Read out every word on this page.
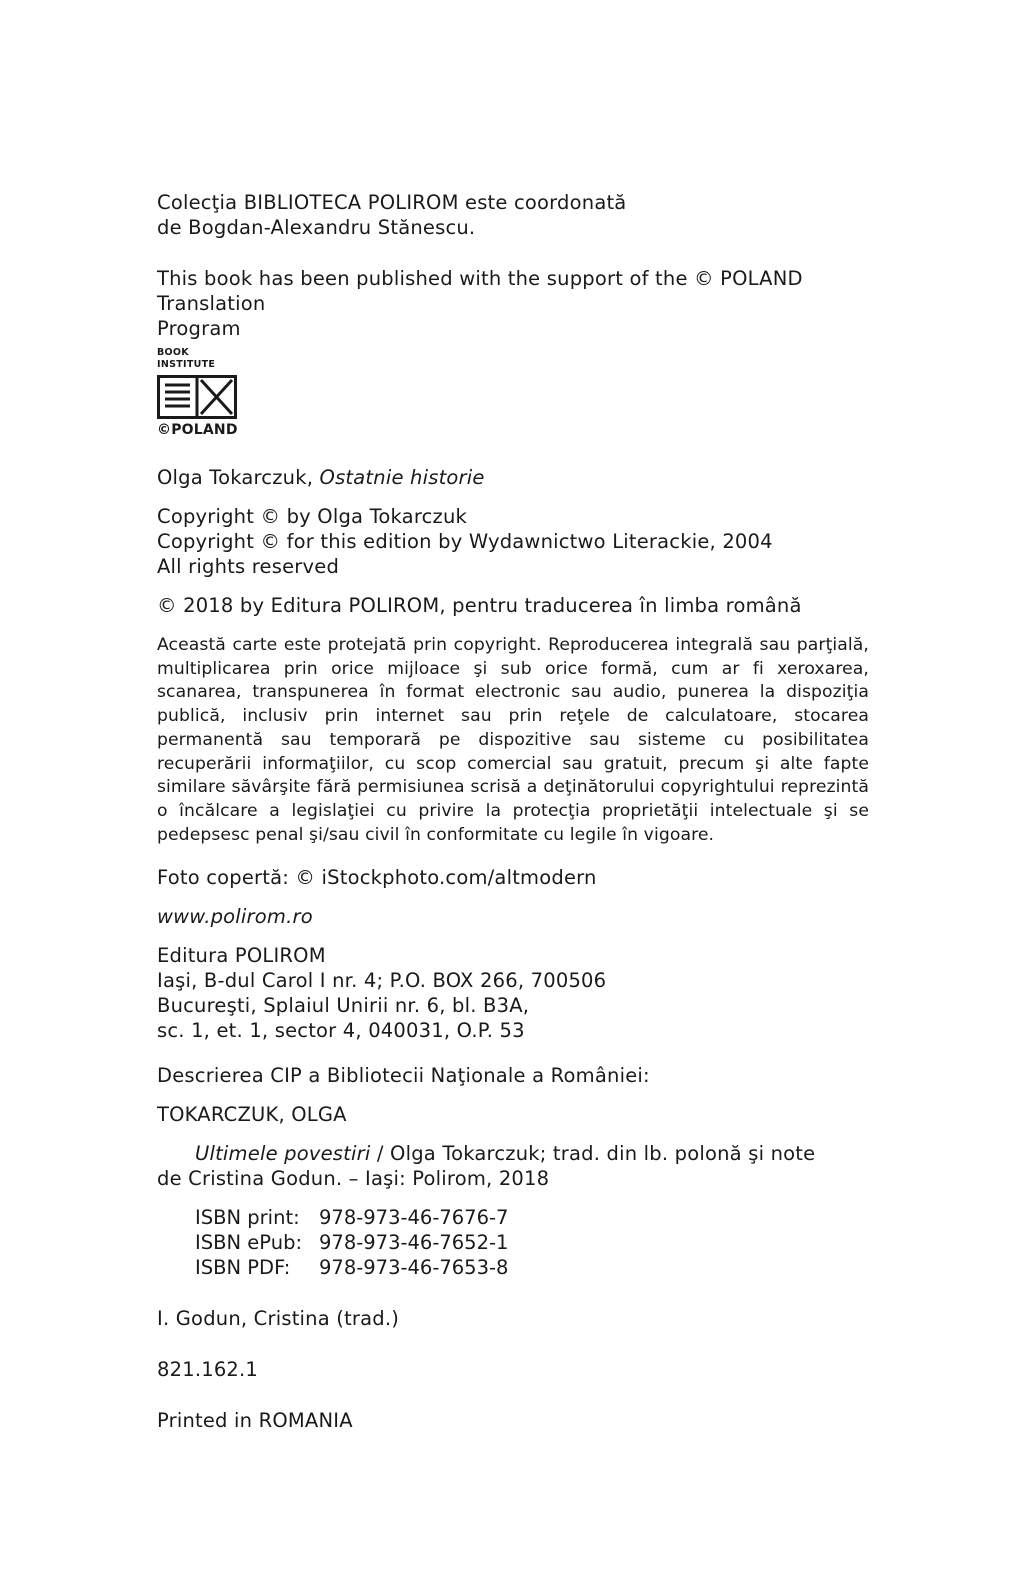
Colecţia BIBLIOTECA POLIROM este coordonată

de Bogdan-Alexandru Stănescu.

This book has been published with the support of the © POLAND Translation

Program

BOOK INSTITUTE
©POLAND

Olga Tokarczuk, Ostatnie historie

Copyright © by Olga Tokarczuk

Copyright © for this edition by Wydawnictwo Literackie, 2004

All rights reserved

© 2018 by Editura POLIROM, pentru traducerea în limba română

Această carte este protejată prin copyright. Reproducerea integrală sau parţială, multiplicarea prin orice mijloace şi sub orice formă, cum ar fi xeroxarea, scanarea, transpunerea în format electronic sau audio, punerea la dispoziţia publică, inclusiv prin internet sau prin reţele de calculatoare, stocarea permanentă sau temporară pe dispozitive sau sisteme cu posibilitatea recuperării informaţiilor, cu scop comercial sau gratuit, precum şi alte fapte similare săvârşite fără permisiunea scrisă a deţinătorului copyrightului reprezintă o încălcare a legislaţiei cu privire la protecţia proprietăţii intelectuale şi se pedepsesc penal şi/sau civil în conformitate cu legile în vigoare.

Foto copertă: © iStockphoto.com/altmodern

www.polirom.ro

Editura POLIROM

Iaşi, B-dul Carol I nr. 4; P.O. BOX 266, 700506

Bucureşti, Splaiul Unirii nr. 6, bl. B3A,

sc. 1, et. 1, sector 4, 040031, O.P. 53

Descrierea CIP a Bibliotecii Naţionale a României:

TOKARCZUK, OLGA

Ultimele povestiri / Olga Tokarczuk; trad. din lb. polonă şi note

de Cristina Godun. – Iaşi: Polirom, 2018

ISBN print: 978-973-46-7676-7
ISBN ePub: 978-973-46-7652-1
ISBN PDF:	978-973-46-7653-8

I. Godun, Cristina (trad.)

821.162.1

Printed in ROMANIA
